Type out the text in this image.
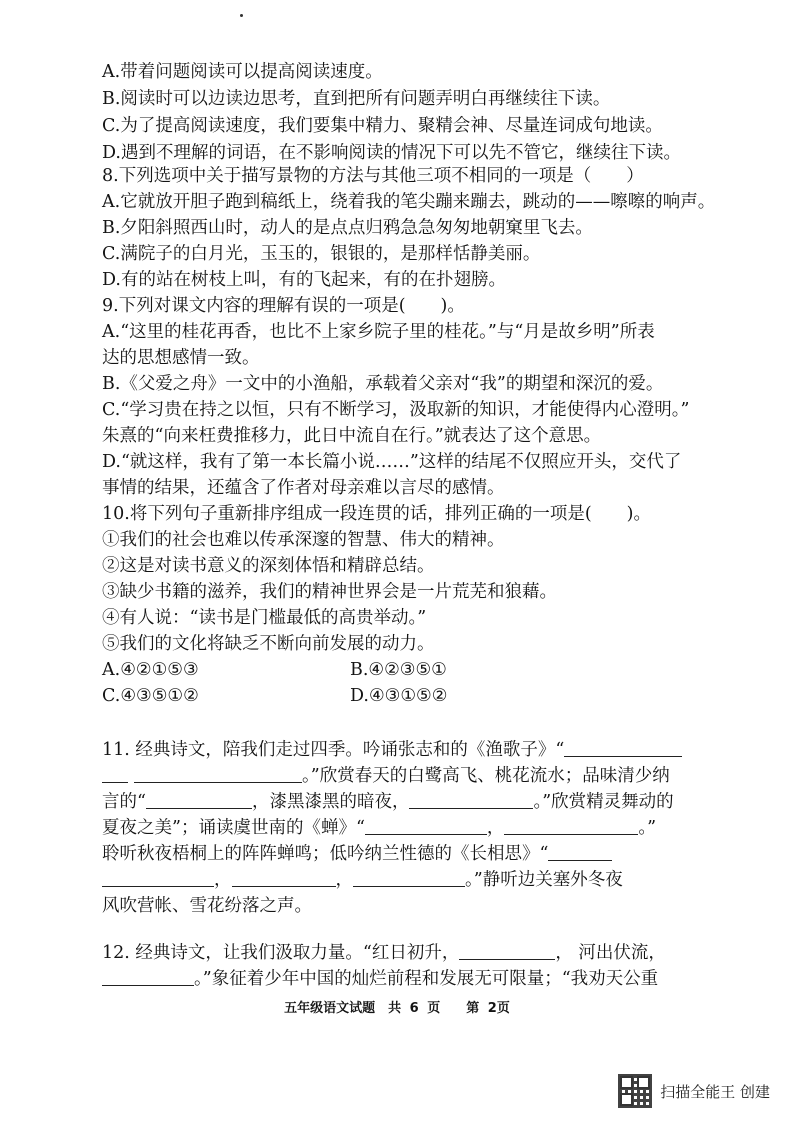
A.带着问题阅读可以提高阅读速度。
B.阅读时可以边读边思考，直到把所有问题弄明白再继续往下读。
C.为了提高阅读速度，我们要集中精力、聚精会神、尽量连词成句地读。
D.遇到不理解的词语，在不影响阅读的情况下可以先不管它，继续往下读。
8.下列选项中关于描写景物的方法与其他三项不相同的一项是（　　）
A.它就放开胆子跑到稿纸上，绕着我的笔尖蹦来蹦去，跳动的——嚓嚓的响声。
B.夕阳斜照西山时，动人的是点点归鸦急急匆匆地朝窠里飞去。
C.满院子的白月光，玉玉的，银银的，是那样恬静美丽。
D.有的站在树枝上叫，有的飞起来，有的在扑翅膀。
9.下列对课文内容的理解有误的一项是(　　)。
A.“这里的桂花再香，也比不上家乡院子里的桂花。”与“月是故乡明”所表
达的思想感情一致。
B.《父爱之舟》一文中的小渔船，承载着父亲对“我”的期望和深沉的爱。
C.“学习贵在持之以恒，只有不断学习，汲取新的知识，才能使得内心澄明。”
朱熹的“向来枉费推移力，此日中流自在行。”就表达了这个意思。
D.“就这样，我有了第一本长篇小说……”这样的结尾不仅照应开头，交代了
事情的结果，还蕴含了作者对母亲难以言尽的感情。
10.将下列句子重新排序组成一段连贯的话，排列正确的一项是(　　)。
①我们的社会也难以传承深邃的智慧、伟大的精神。
②这是对读书意义的深刻体悟和精辟总结。
③缺少书籍的滋养，我们的精神世界会是一片荒芜和狼藉。
④有人说：“读书是门槛最低的高贵举动。”
⑤我们的文化将缺乏不断向前发展的动力。
A.④②①⑤③	B.④②③⑤①
C.④③⑤①②	D.④③①⑤②
11. 经典诗文，陪我们走过四季。吟诵张志和的《渔歌子》“
。”欣赏春天的白鹭高飞、桃花流水；品味清少纳
言的“	，漆黑漆黑的暗夜，	。”欣赏精灵舞动的
夏夜之美”；诵读虞世南的《蝉》“	，	。”
聆听秋夜梧桐上的阵阵蝉鸣；低吟纳兰性德的《长相思》“
，	，	。”静听边关塞外冬夜
风吹营帐、雪花纷落之声。
12. 经典诗文，让我们汲取力量。“红日初升，	， 河出伏流，
。”象征着少年中国的灿烂前程和发展无可限量；“我劝天公重
五年级语文试题　共 6 页　　第 2页
扫描全能王 创建
